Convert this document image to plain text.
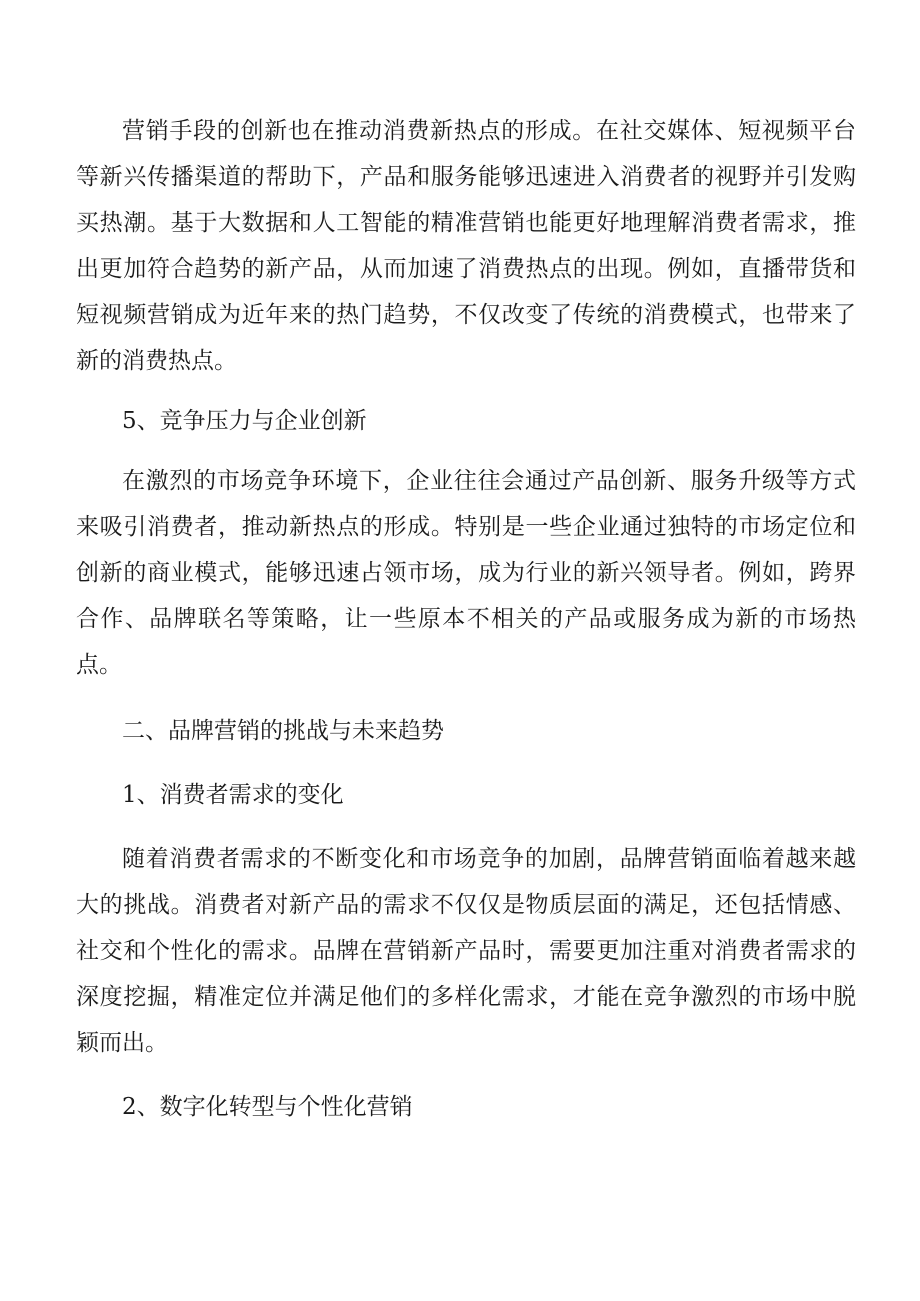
营销手段的创新也在推动消费新热点的形成。在社交媒体、短视频平台等新兴传播渠道的帮助下，产品和服务能够迅速进入消费者的视野并引发购买热潮。基于大数据和人工智能的精准营销也能更好地理解消费者需求，推出更加符合趋势的新产品，从而加速了消费热点的出现。例如，直播带货和短视频营销成为近年来的热门趋势，不仅改变了传统的消费模式，也带来了新的消费热点。

5、竞争压力与企业创新

在激烈的市场竞争环境下，企业往往会通过产品创新、服务升级等方式来吸引消费者，推动新热点的形成。特别是一些企业通过独特的市场定位和创新的商业模式，能够迅速占领市场，成为行业的新兴领导者。例如，跨界合作、品牌联名等策略，让一些原本不相关的产品或服务成为新的市场热点。

二、品牌营销的挑战与未来趋势

1、消费者需求的变化

随着消费者需求的不断变化和市场竞争的加剧，品牌营销面临着越来越大的挑战。消费者对新产品的需求不仅仅是物质层面的满足，还包括情感、社交和个性化的需求。品牌在营销新产品时，需要更加注重对消费者需求的深度挖掘，精准定位并满足他们的多样化需求，才能在竞争激烈的市场中脱颖而出。

2、数字化转型与个性化营销
